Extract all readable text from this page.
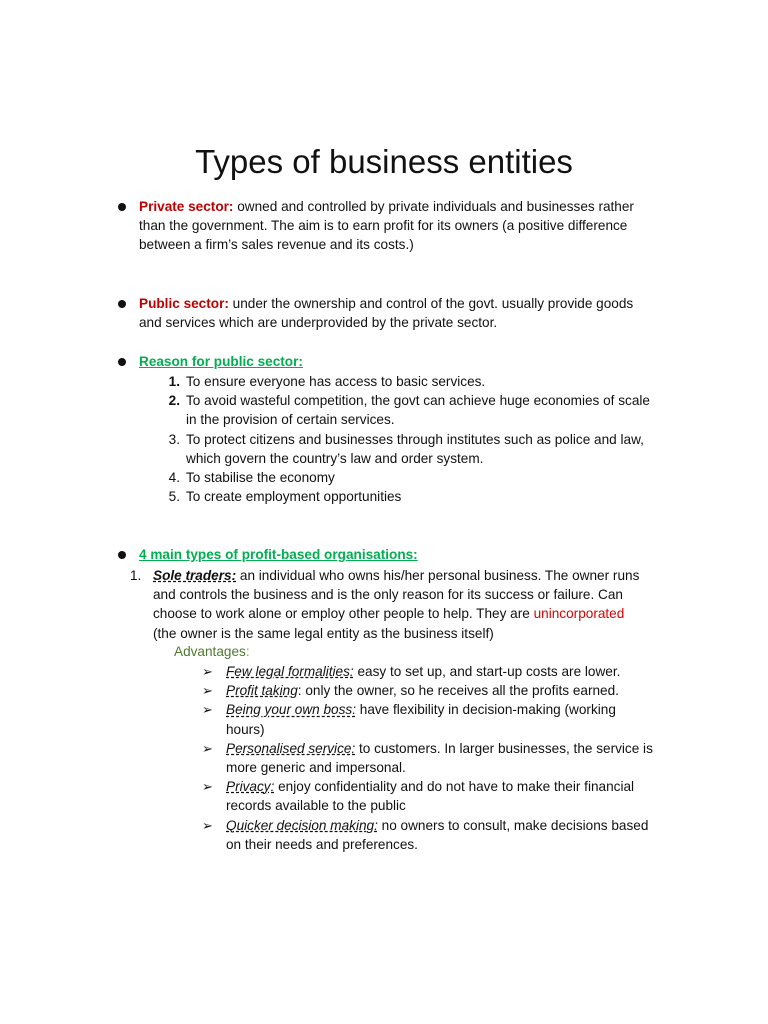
Types of business entities
Private sector: owned and controlled by private individuals and businesses rather
than the government. The aim is to earn profit for its owners (a positive difference
between a firm’s sales revenue and its costs.)
Public sector: under the ownership and control of the govt. usually provide goods
and services which are underprovided by the private sector.
Reason for public sector:
1. To ensure everyone has access to basic services.
2. To avoid wasteful competition, the govt can achieve huge economies of scale
in the provision of certain services.
3. To protect citizens and businesses through institutes such as police and law,
which govern the country’s law and order system.
4. To stabilise the economy
5. To create employment opportunities
4 main types of profit-based organisations:
1. Sole traders: an individual who owns his/her personal business. The owner runs
and controls the business and is the only reason for its success or failure. Can
choose to work alone or employ other people to help. They are unincorporated
(the owner is the same legal entity as the business itself)
Advantages:
➢ Few legal formalities: easy to set up, and start-up costs are lower.
➢ Profit taking: only the owner, so he receives all the profits earned.
➢ Being your own boss: have flexibility in decision-making (working
hours)
➢ Personalised service: to customers. In larger businesses, the service is
more generic and impersonal.
➢ Privacy: enjoy confidentiality and do not have to make their financial
records available to the public
➢ Quicker decision making: no owners to consult, make decisions based
on their needs and preferences.
